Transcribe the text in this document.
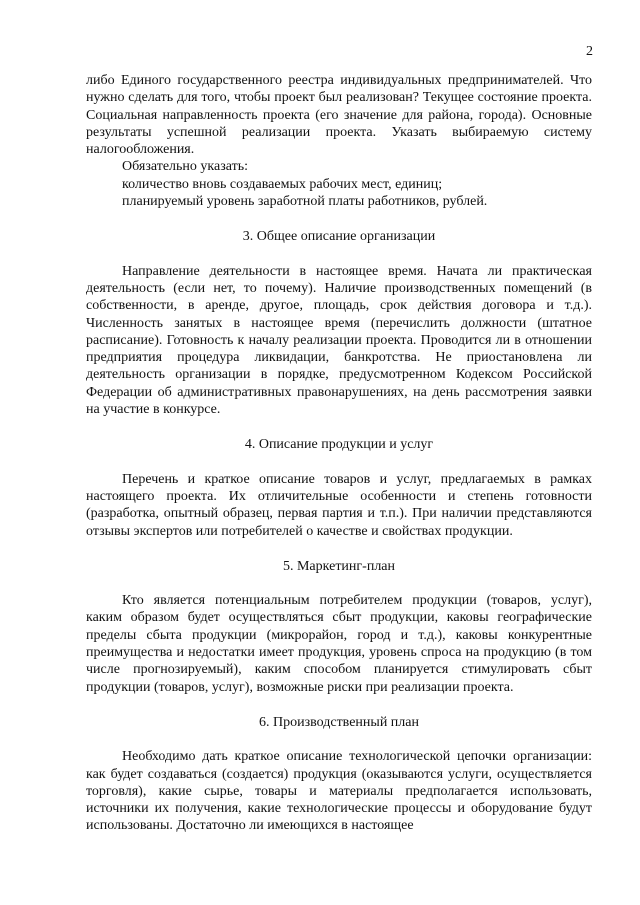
2

либо Единого государственного реестра индивидуальных предпринимателей. Что нужно сделать для того, чтобы проект был реализован? Текущее состояние проекта. Социальная направленность проекта (его значение для района, города). Основные результаты успешной реализации проекта. Указать выбираемую систему налогообложения.

Обязательно указать:

количество вновь создаваемых рабочих мест, единиц;

планируемый уровень заработной платы работников, рублей.

3. Общее описание организации

Направление деятельности в настоящее время. Начата ли практическая деятельность (если нет, то почему). Наличие производственных помещений (в собственности, в аренде, другое, площадь, срок действия договора и т.д.). Численность занятых в настоящее время (перечислить должности (штатное расписание). Готовность к началу реализации проекта. Проводится ли в отношении предприятия процедура ликвидации, банкротства. Не приостановлена ли деятельность организации в порядке, предусмотренном Кодексом Российской Федерации об административных правонарушениях, на день рассмотрения заявки на участие в конкурсе.

4. Описание продукции и услуг

Перечень и краткое описание товаров и услуг, предлагаемых в рамках настоящего проекта. Их отличительные особенности и степень готовности (разработка, опытный образец, первая партия и т.п.). При наличии представляются отзывы экспертов или потребителей о качестве и свойствах продукции.

5. Маркетинг-план

Кто является потенциальным потребителем продукции (товаров, услуг), каким образом будет осуществляться сбыт продукции, каковы географические пределы сбыта продукции (микрорайон, город и т.д.), каковы конкурентные преимущества и недостатки имеет продукция, уровень спроса на продукцию (в том числе прогнозируемый), каким способом планируется стимулировать сбыт продукции (товаров, услуг), возможные риски при реализации проекта.

6. Производственный план

Необходимо дать краткое описание технологической цепочки организации: как будет создаваться (создается) продукция (оказываются услуги, осуществляется торговля), какие сырье, товары и материалы предполагается использовать, источники их получения, какие технологические процессы и оборудование будут использованы. Достаточно ли имеющихся в настоящее
